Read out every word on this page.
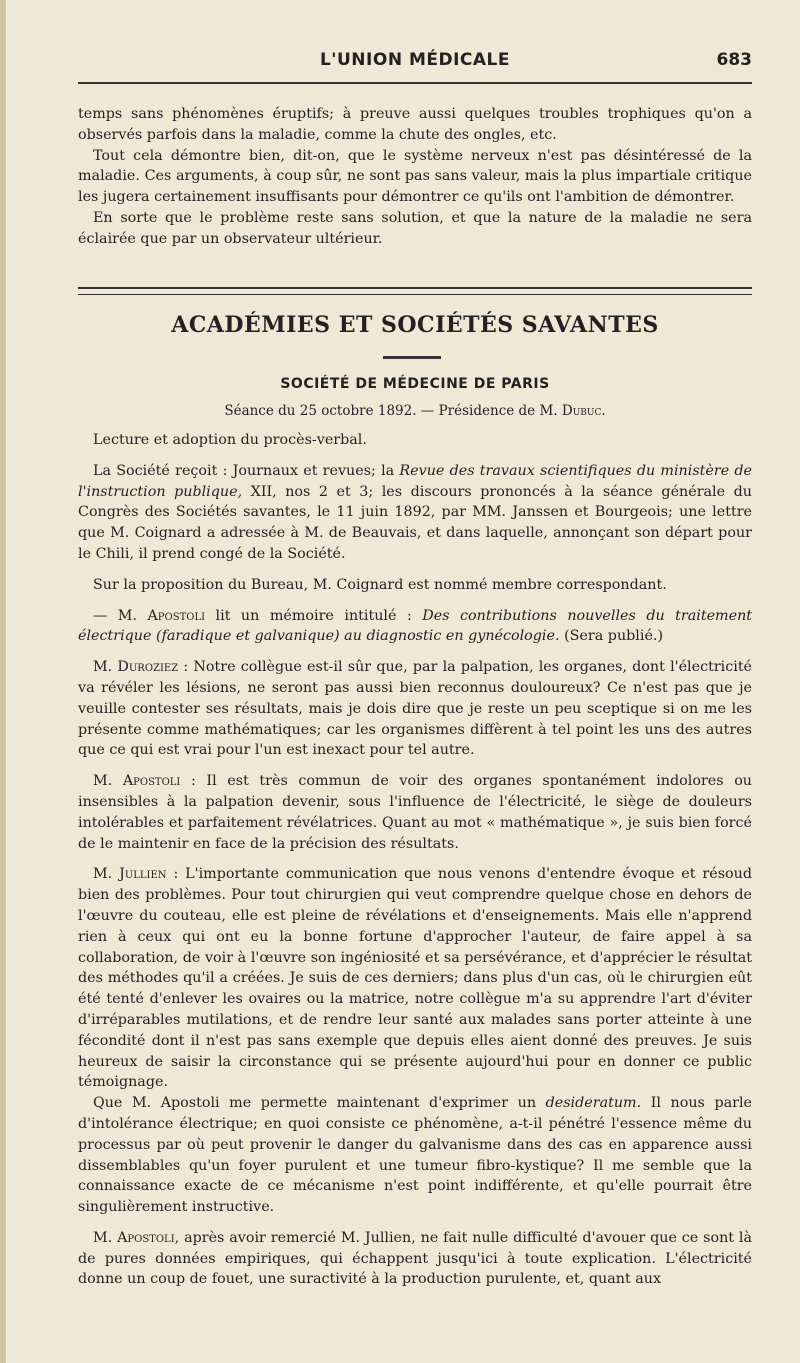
L'UNION MÉDICALE	683

temps sans phénomènes éruptifs; à preuve aussi quelques troubles trophiques qu'on a observés parfois dans la maladie, comme la chute des ongles, etc.

Tout cela démontre bien, dit-on, que le système nerveux n'est pas désintéressé de la maladie. Ces arguments, à coup sûr, ne sont pas sans valeur, mais la plus impartiale critique les jugera certainement insuffisants pour démontrer ce qu'ils ont l'ambition de démontrer.

En sorte que le problème reste sans solution, et que la nature de la maladie ne sera éclairée que par un observateur ultérieur.

ACADÉMIES ET SOCIÉTÉS SAVANTES
SOCIÉTÉ DE MÉDECINE DE PARIS
Séance du 25 octobre 1892. — Présidence de M. Dubuc.

Lecture et adoption du procès-verbal.

La Société reçoit : Journaux et revues; la Revue des travaux scientifiques du ministère de l'instruction publique, XII, nos 2 et 3; les discours prononcés à la séance générale du Congrès des Sociétés savantes, le 11 juin 1892, par MM. Janssen et Bourgeois; une lettre que M. Coignard a adressée à M. de Beauvais, et dans laquelle, annonçant son départ pour le Chili, il prend congé de la Société.

Sur la proposition du Bureau, M. Coignard est nommé membre correspondant.

— M. Apostoli lit un mémoire intitulé : Des contributions nouvelles du traitement électrique (faradique et galvanique) au diagnostic en gynécologie. (Sera publié.)

M. Duroziez : Notre collègue est-il sûr que, par la palpation, les organes, dont l'électricité va révéler les lésions, ne seront pas aussi bien reconnus douloureux? Ce n'est pas que je veuille contester ses résultats, mais je dois dire que je reste un peu sceptique si on me les présente comme mathématiques; car les organismes diffèrent à tel point les uns des autres que ce qui est vrai pour l'un est inexact pour tel autre.

M. Apostoli : Il est très commun de voir des organes spontanément indolores ou insensibles à la palpation devenir, sous l'influence de l'électricité, le siège de douleurs intolérables et parfaitement révélatrices. Quant au mot « mathématique », je suis bien forcé de le maintenir en face de la précision des résultats.

M. Jullien : L'importante communication que nous venons d'entendre évoque et résoud bien des problèmes. Pour tout chirurgien qui veut comprendre quelque chose en dehors de l'œuvre du couteau, elle est pleine de révélations et d'enseignements. Mais elle n'apprend rien à ceux qui ont eu la bonne fortune d'approcher l'auteur, de faire appel à sa collaboration, de voir à l'œuvre son ingéniosité et sa persévérance, et d'apprécier le résultat des méthodes qu'il a créées. Je suis de ces derniers; dans plus d'un cas, où le chirurgien eût été tenté d'enlever les ovaires ou la matrice, notre collègue m'a su apprendre l'art d'éviter d'irréparables mutilations, et de rendre leur santé aux malades sans porter atteinte à une fécondité dont il n'est pas sans exemple que depuis elles aient donné des preuves. Je suis heureux de saisir la circonstance qui se présente aujourd'hui pour en donner ce public témoignage.

Que M. Apostoli me permette maintenant d'exprimer un desideratum. Il nous parle d'intolérance électrique; en quoi consiste ce phénomène, a-t-il pénétré l'essence même du processus par où peut provenir le danger du galvanisme dans des cas en apparence aussi dissemblables qu'un foyer purulent et une tumeur fibro-kystique? Il me semble que la connaissance exacte de ce mécanisme n'est point indifférente, et qu'elle pourrait être singulièrement instructive.

M. Apostoli, après avoir remercié M. Jullien, ne fait nulle difficulté d'avouer que ce sont là de pures données empiriques, qui échappent jusqu'ici à toute explication. L'électricité donne un coup de fouet, une suractivité à la production purulente, et, quant aux
